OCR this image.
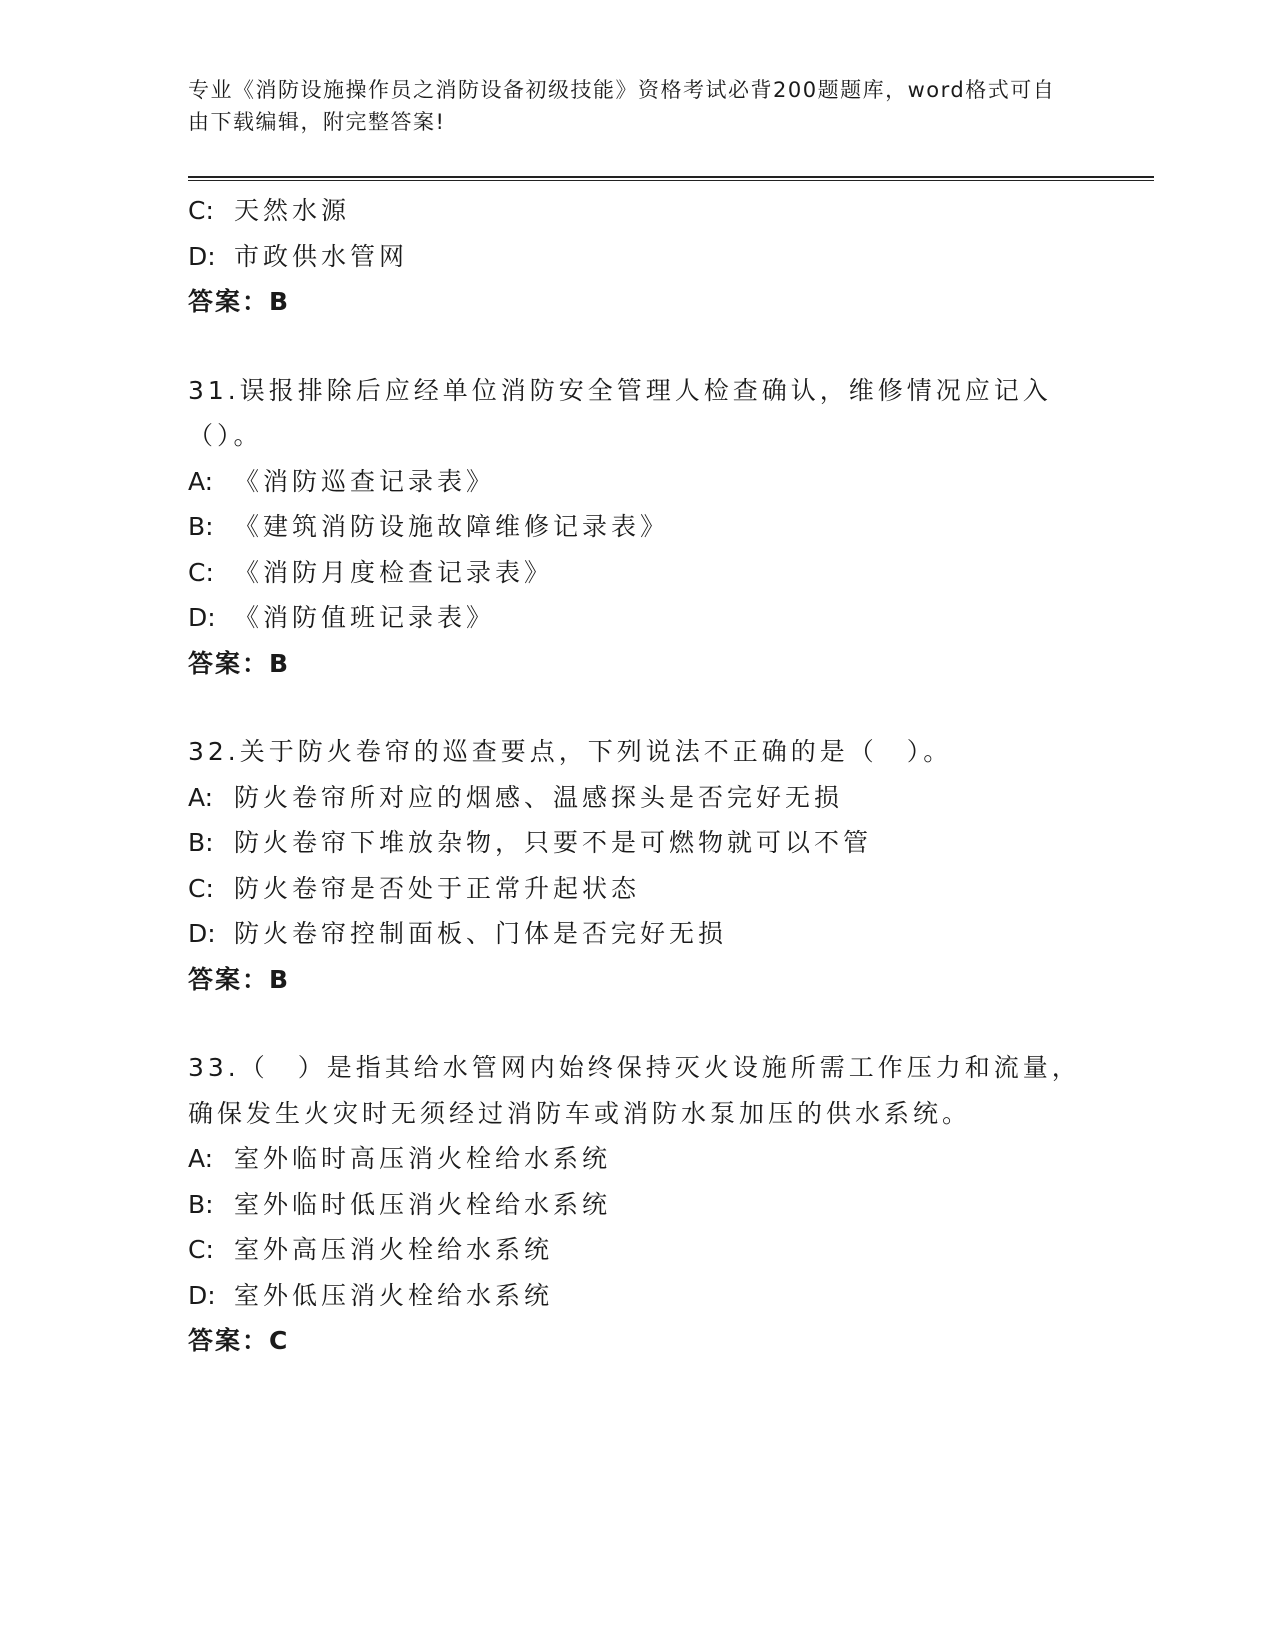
专业《消防设施操作员之消防设备初级技能》资格考试必背200题题库，word格式可自由下载编辑，附完整答案!
C: 天然水源
D: 市政供水管网
答案：B
31.误报排除后应经单位消防安全管理人检查确认，维修情况应记入（）。
A: 《消防巡查记录表》
B: 《建筑消防设施故障维修记录表》
C: 《消防月度检查记录表》
D: 《消防值班记录表》
答案：B
32.关于防火卷帘的巡查要点，下列说法不正确的是（　）。
A: 防火卷帘所对应的烟感、温感探头是否完好无损
B: 防火卷帘下堆放杂物，只要不是可燃物就可以不管
C: 防火卷帘是否处于正常升起状态
D: 防火卷帘控制面板、门体是否完好无损
答案：B
33.（　）是指其给水管网内始终保持灭火设施所需工作压力和流量，确保发生火灾时无须经过消防车或消防水泵加压的供水系统。
A: 室外临时高压消火栓给水系统
B: 室外临时低压消火栓给水系统
C: 室外高压消火栓给水系统
D: 室外低压消火栓给水系统
答案：C
